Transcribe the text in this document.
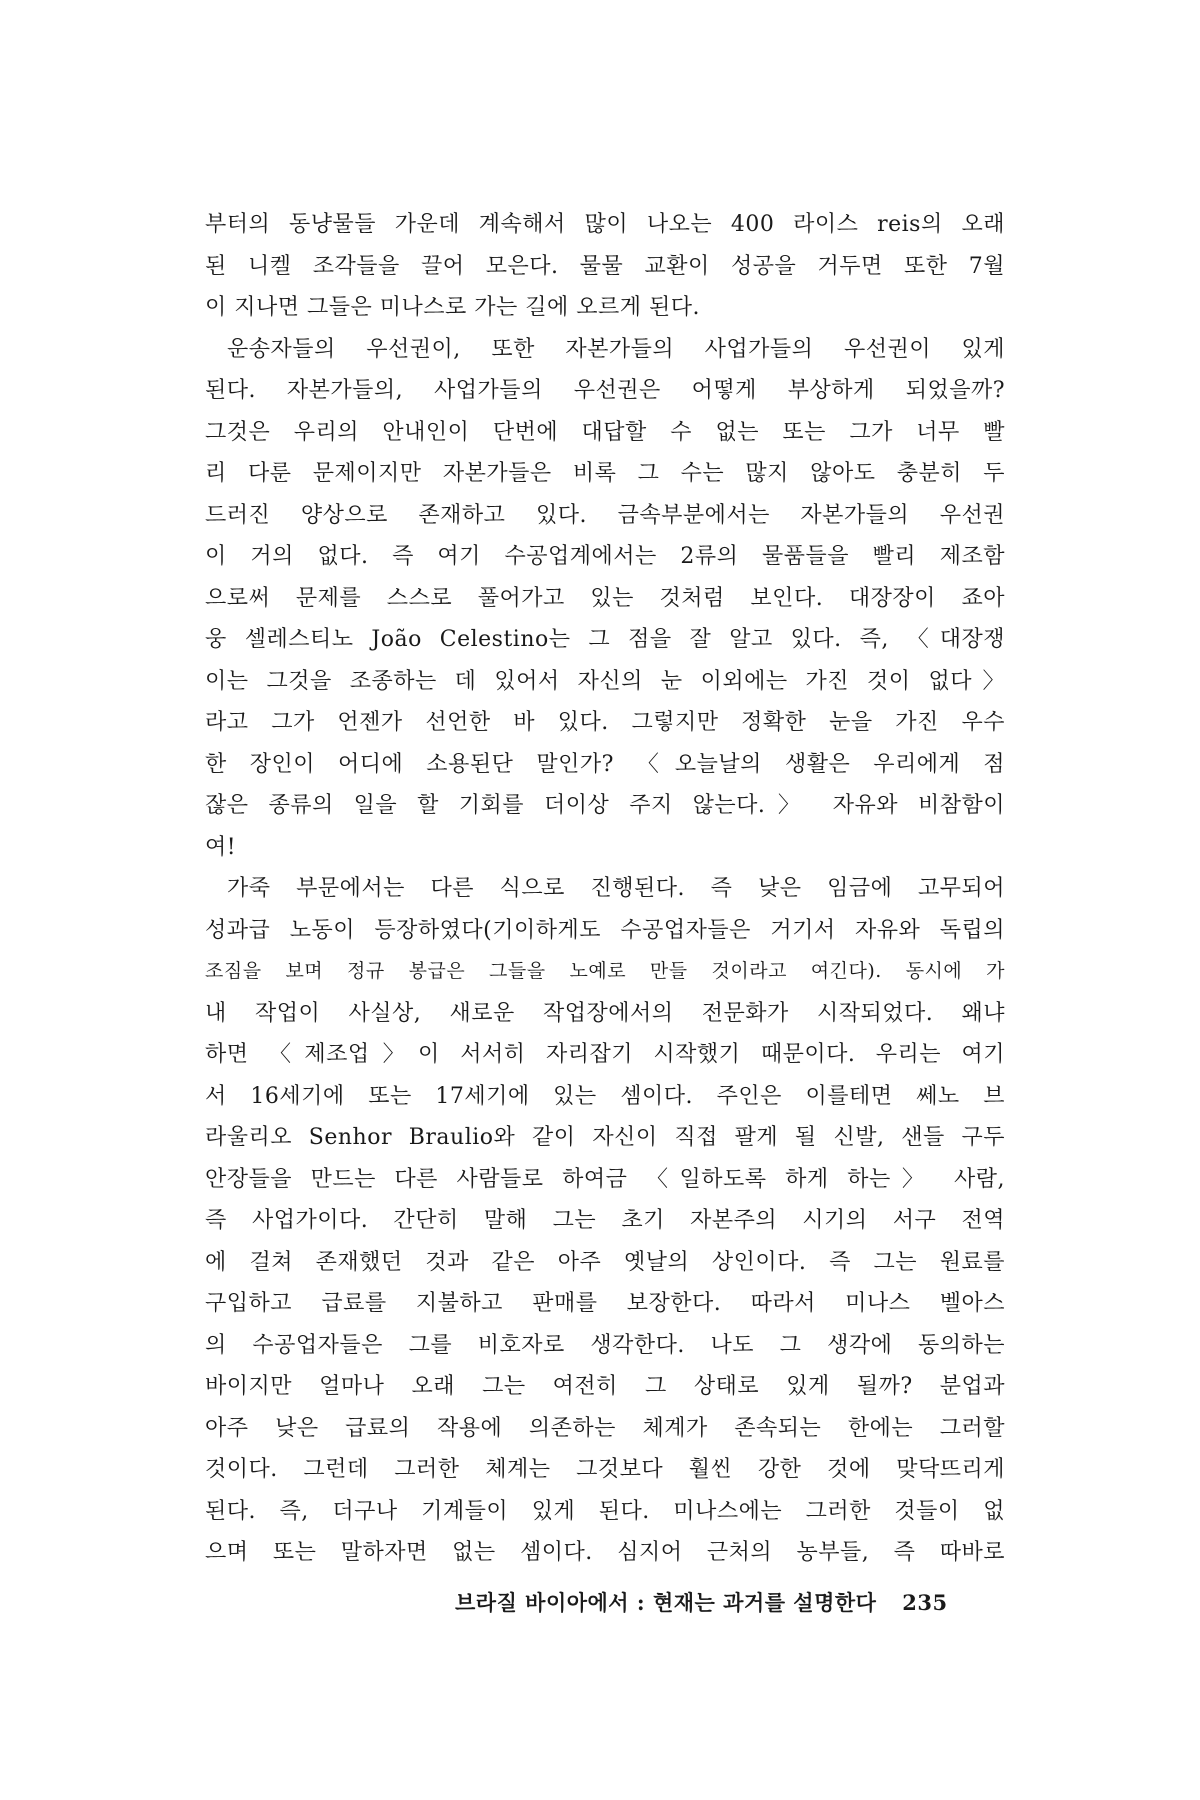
부터의 동냥물들 가운데 계속해서 많이 나오는 400 라이스 reis의 오래
된 니켈 조각들을 끌어 모은다. 물물 교환이 성공을 거두면 또한 7월
이 지나면 그들은 미나스로 가는 길에 오르게 된다.
운송자들의 우선권이, 또한 자본가들의 사업가들의 우선권이 있게
된다. 자본가들의, 사업가들의 우선권은 어떻게 부상하게 되었을까?
그것은 우리의 안내인이 단번에 대답할 수 없는 또는 그가 너무 빨
리 다룬 문제이지만 자본가들은 비록 그 수는 많지 않아도 충분히 두
드러진 양상으로 존재하고 있다. 금속부분에서는 자본가들의 우선권
이 거의 없다. 즉 여기 수공업계에서는 2류의 물품들을 빨리 제조함
으로써 문제를 스스로 풀어가고 있는 것처럼 보인다. 대장장이 죠아
웅 셀레스티노 João Celestino는 그 점을 잘 알고 있다. 즉, 〈대장쟁
이는 그것을 조종하는 데 있어서 자신의 눈 이외에는 가진 것이 없다〉
라고 그가 언젠가 선언한 바 있다. 그렇지만 정확한 눈을 가진 우수
한 장인이 어디에 소용된단 말인가? 〈오늘날의 생활은 우리에게 점
잖은 종류의 일을 할 기회를 더이상 주지 않는다.〉 자유와 비참함이
여!
가죽 부문에서는 다른 식으로 진행된다. 즉 낮은 임금에 고무되어
성과급 노동이 등장하였다(기이하게도 수공업자들은 거기서 자유와 독립의
조짐을 보며 정규 봉급은 그들을 노예로 만들 것이라고 여긴다). 동시에 가
내 작업이 사실상, 새로운 작업장에서의 전문화가 시작되었다. 왜냐
하면 〈제조업〉이 서서히 자리잡기 시작했기 때문이다. 우리는 여기
서 16세기에 또는 17세기에 있는 셈이다. 주인은 이를테면 쎄노 브
라울리오 Senhor Braulio와 같이 자신이 직접 팔게 될 신발, 샌들 구두
안장들을 만드는 다른 사람들로 하여금 〈일하도록 하게 하는〉 사람,
즉 사업가이다. 간단히 말해 그는 초기 자본주의 시기의 서구 전역
에 걸쳐 존재했던 것과 같은 아주 옛날의 상인이다. 즉 그는 원료를
구입하고 급료를 지불하고 판매를 보장한다. 따라서 미나스 벨아스
의 수공업자들은 그를 비호자로 생각한다. 나도 그 생각에 동의하는
바이지만 얼마나 오래 그는 여전히 그 상태로 있게 될까? 분업과
아주 낮은 급료의 작용에 의존하는 체계가 존속되는 한에는 그러할
것이다. 그런데 그러한 체계는 그것보다 훨씬 강한 것에 맞닥뜨리게
된다. 즉, 더구나 기계들이 있게 된다. 미나스에는 그러한 것들이 없
으며 또는 말하자면 없는 셈이다. 심지어 근처의 농부들, 즉 따바로
브라질 바이아에서 : 현재는 과거를 설명한다 235
